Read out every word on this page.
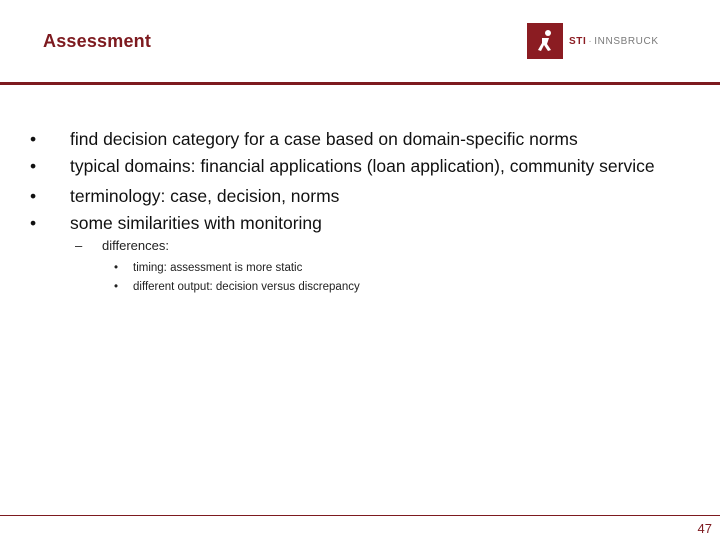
Assessment	STI · INNSBRUCK
• find decision category for a case based on domain-specific norms
• typical domains: financial applications (loan application), community service
• terminology: case, decision, norms
• some similarities with monitoring
– differences:
• timing: assessment is more static
• different output: decision versus discrepancy
47
